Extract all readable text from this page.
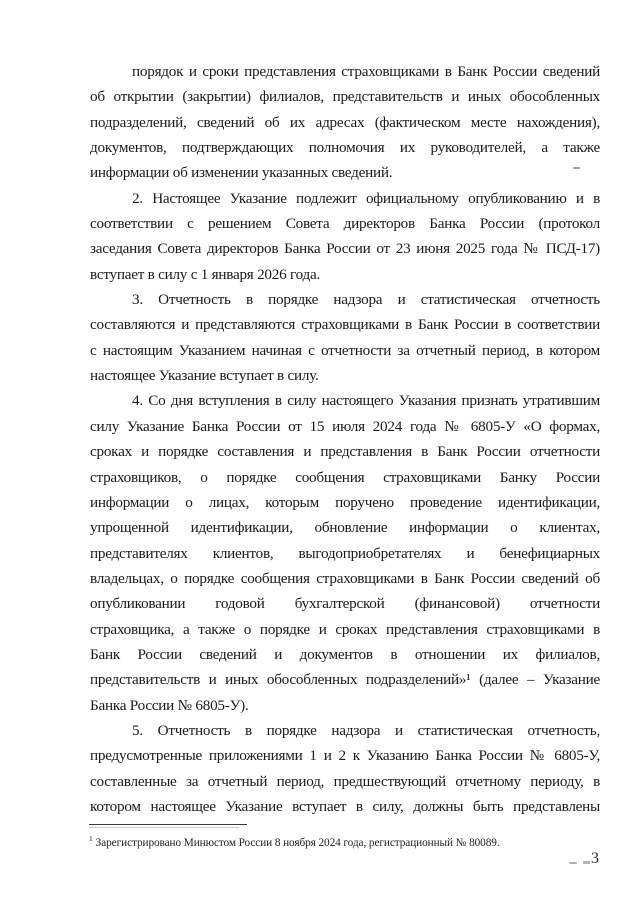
порядок и сроки представления страховщиками в Банк России сведений
об открытии (закрытии) филиалов, представительств и иных обособленных
подразделений, сведений об их адресах (фактическом месте нахождения),
документов, подтверждающих полномочия их руководителей, а также
информации об изменении указанных сведений.
2. Настоящее Указание подлежит официальному опубликованию и в
соответствии с решением Совета директоров Банка России (протокол
заседания Совета директоров Банка России от 23 июня 2025 года № ПСД-17)
вступает в силу с 1 января 2026 года.
3. Отчетность в порядке надзора и статистическая отчетность
составляются и представляются страховщиками в Банк России в соответствии
с настоящим Указанием начиная с отчетности за отчетный период, в котором
настоящее Указание вступает в силу.
4. Со дня вступления в силу настоящего Указания признать утратившим
силу Указание Банка России от 15 июля 2024 года № 6805-У «О формах,
сроках и порядке составления и представления в Банк России отчетности
страховщиков, о порядке сообщения страховщиками Банку России
информации о лицах, которым поручено проведение идентификации,
упрощенной идентификации, обновление информации о клиентах,
представителях клиентов, выгодоприобретателях и бенефициарных
владельцах, о порядке сообщения страховщиками в Банк России сведений об
опубликовании годовой бухгалтерской (финансовой) отчетности
страховщика, а также о порядке и сроках представления страховщиками в
Банк России сведений и документов в отношении их филиалов,
представительств и иных обособленных подразделений»¹ (далее – Указание
Банка России № 6805-У).
5. Отчетность в порядке надзора и статистическая отчетность,
предусмотренные приложениями 1 и 2 к Указанию Банка России № 6805-У,
составленные за отчетный период, предшествующий отчетному периоду, в
котором настоящее Указание вступает в силу, должны быть представлены
$^1$ Зарегистрировано Минюстом России 8 ноября 2024 года, регистрационный № 80089.
3
